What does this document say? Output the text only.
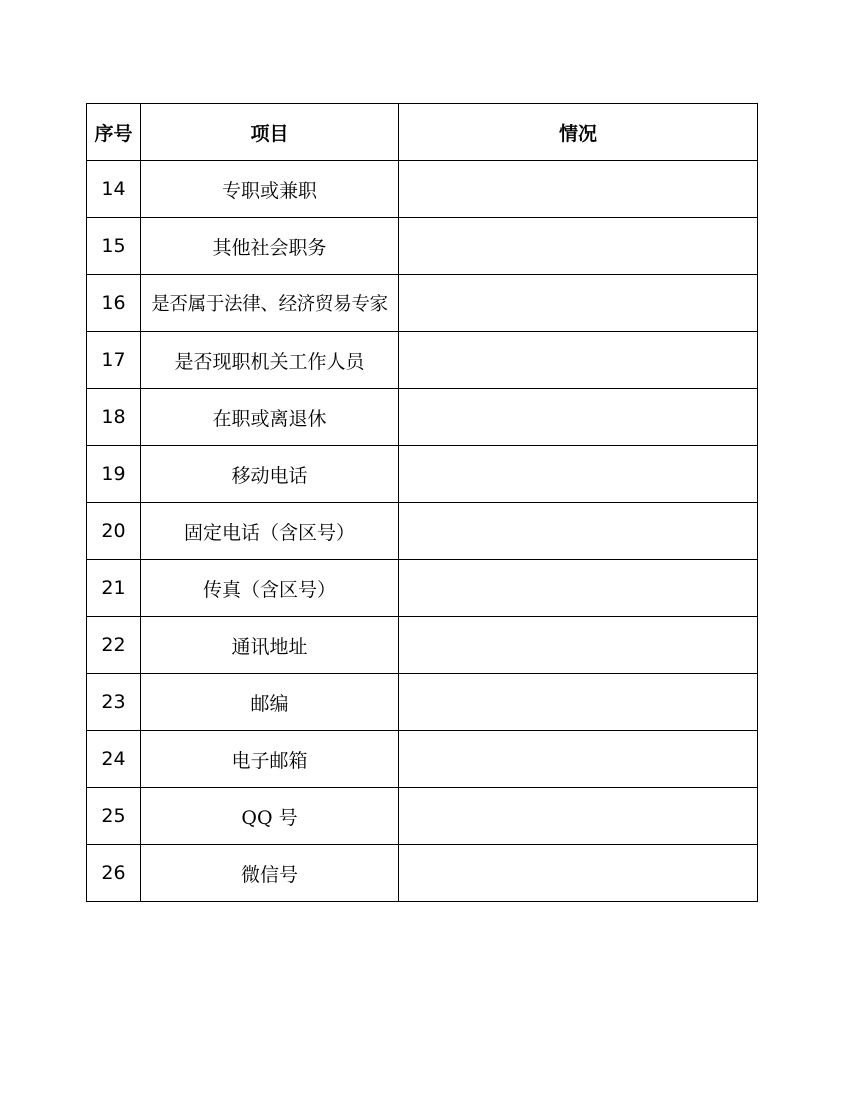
序号	项目	情况
14	专职或兼职	
15	其他社会职务	
16	是否属于法律、经济贸易专家	
17	是否现职机关工作人员	
18	在职或离退休	
19	移动电话	
20	固定电话（含区号）	
21	传真（含区号）	
22	通讯地址	
23	邮编	
24	电子邮箱	
25	QQ 号	
26	微信号	
